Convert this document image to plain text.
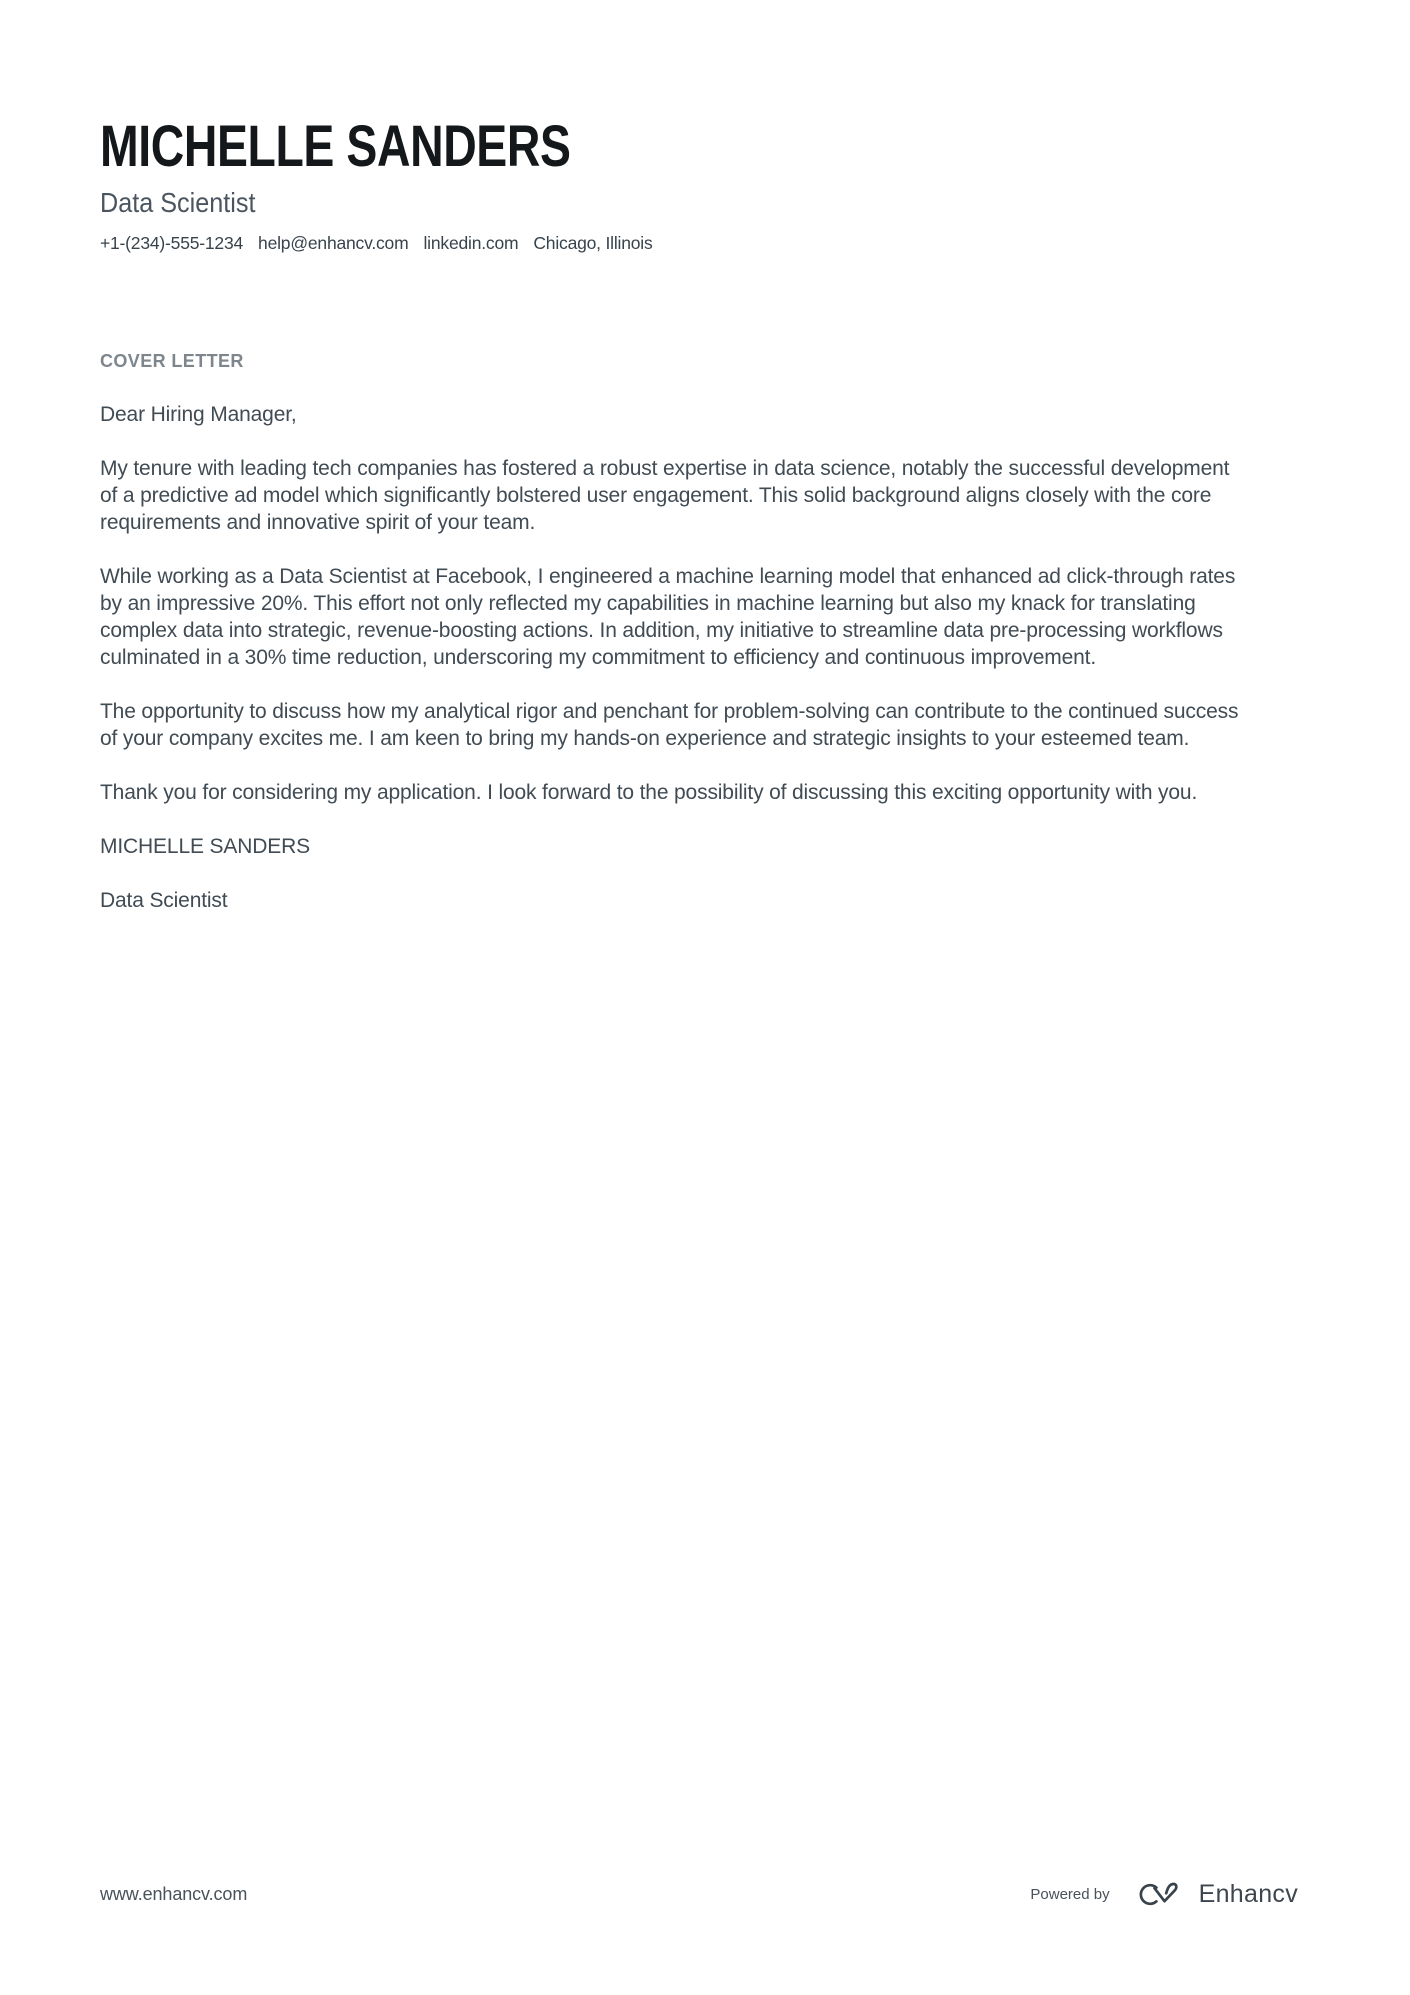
MICHELLE SANDERS
Data Scientist
+1-(234)-555-1234 help@enhancv.com linkedin.com Chicago, Illinois
COVER LETTER

Dear Hiring Manager,

My tenure with leading tech companies has fostered a robust expertise in data science, notably the successful development of a predictive ad model which significantly bolstered user engagement. This solid background aligns closely with the core requirements and innovative spirit of your team.

While working as a Data Scientist at Facebook, I engineered a machine learning model that enhanced ad click-through rates by an impressive 20%. This effort not only reflected my capabilities in machine learning but also my knack for translating complex data into strategic, revenue-boosting actions. In addition, my initiative to streamline data pre-processing workflows culminated in a 30% time reduction, underscoring my commitment to efficiency and continuous improvement.

The opportunity to discuss how my analytical rigor and penchant for problem-solving can contribute to the continued success of your company excites me. I am keen to bring my hands-on experience and strategic insights to your esteemed team.

Thank you for considering my application. I look forward to the possibility of discussing this exciting opportunity with you.

MICHELLE SANDERS

Data Scientist

www.enhancv.com	Powered by	Enhancv
